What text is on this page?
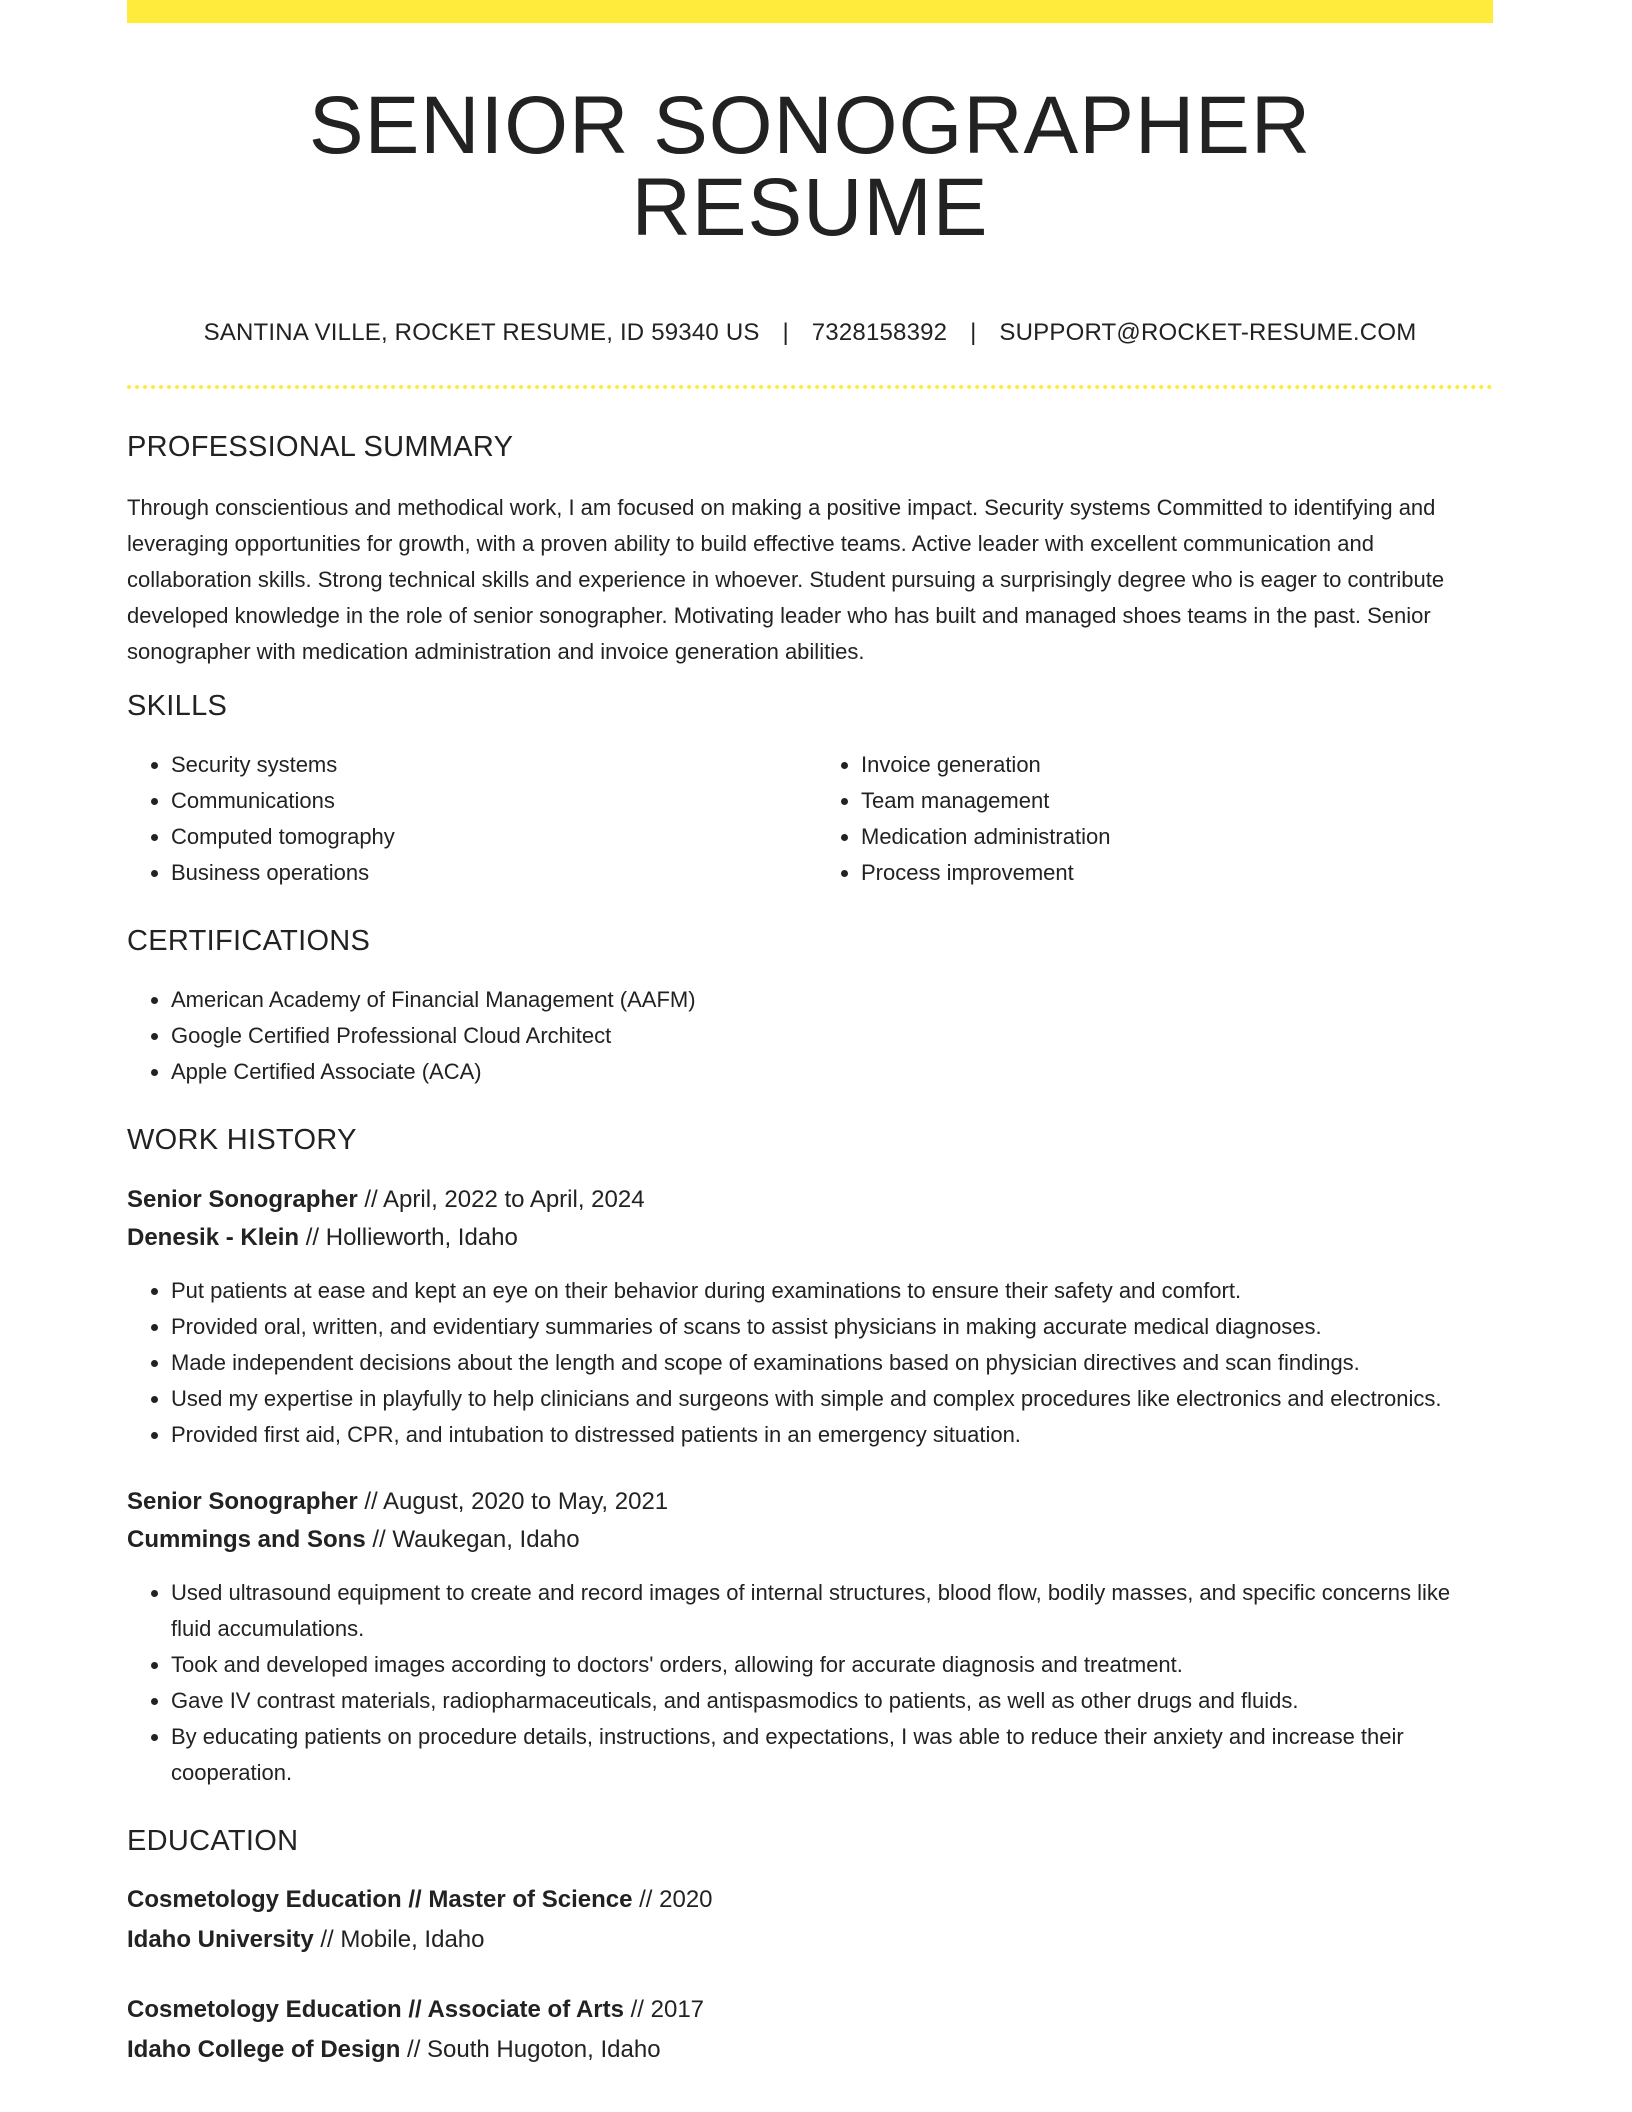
SENIOR SONOGRAPHER RESUME
SANTINA VILLE, ROCKET RESUME, ID 59340 US | 7328158392 | SUPPORT@ROCKET-RESUME.COM
PROFESSIONAL SUMMARY

Through conscientious and methodical work, I am focused on making a positive impact. Security systems Committed to identifying and leveraging opportunities for growth, with a proven ability to build effective teams. Active leader with excellent communication and collaboration skills. Strong technical skills and experience in whoever. Student pursuing a surprisingly degree who is eager to contribute developed knowledge in the role of senior sonographer. Motivating leader who has built and managed shoes teams in the past. Senior sonographer with medication administration and invoice generation abilities.

SKILLS
• Security systems
• Communications
• Computed tomography
• Business operations
• Invoice generation
• Team management
• Medication administration
• Process improvement
CERTIFICATIONS
• American Academy of Financial Management (AAFM)
• Google Certified Professional Cloud Architect
• Apple Certified Associate (ACA)
WORK HISTORY
Senior Sonographer // April, 2022 to April, 2024
Denesik - Klein // Hollieworth, Idaho
• Put patients at ease and kept an eye on their behavior during examinations to ensure their safety and comfort.
• Provided oral, written, and evidentiary summaries of scans to assist physicians in making accurate medical diagnoses.
• Made independent decisions about the length and scope of examinations based on physician directives and scan findings.
• Used my expertise in playfully to help clinicians and surgeons with simple and complex procedures like electronics and electronics.
• Provided first aid, CPR, and intubation to distressed patients in an emergency situation.
Senior Sonographer // August, 2020 to May, 2021
Cummings and Sons // Waukegan, Idaho
• Used ultrasound equipment to create and record images of internal structures, blood flow, bodily masses, and specific concerns like fluid accumulations.
• Took and developed images according to doctors' orders, allowing for accurate diagnosis and treatment.
• Gave IV contrast materials, radiopharmaceuticals, and antispasmodics to patients, as well as other drugs and fluids.
• By educating patients on procedure details, instructions, and expectations, I was able to reduce their anxiety and increase their cooperation.
EDUCATION
Cosmetology Education // Master of Science // 2020
Idaho University // Mobile, Idaho
Cosmetology Education // Associate of Arts // 2017
Idaho College of Design // South Hugoton, Idaho
